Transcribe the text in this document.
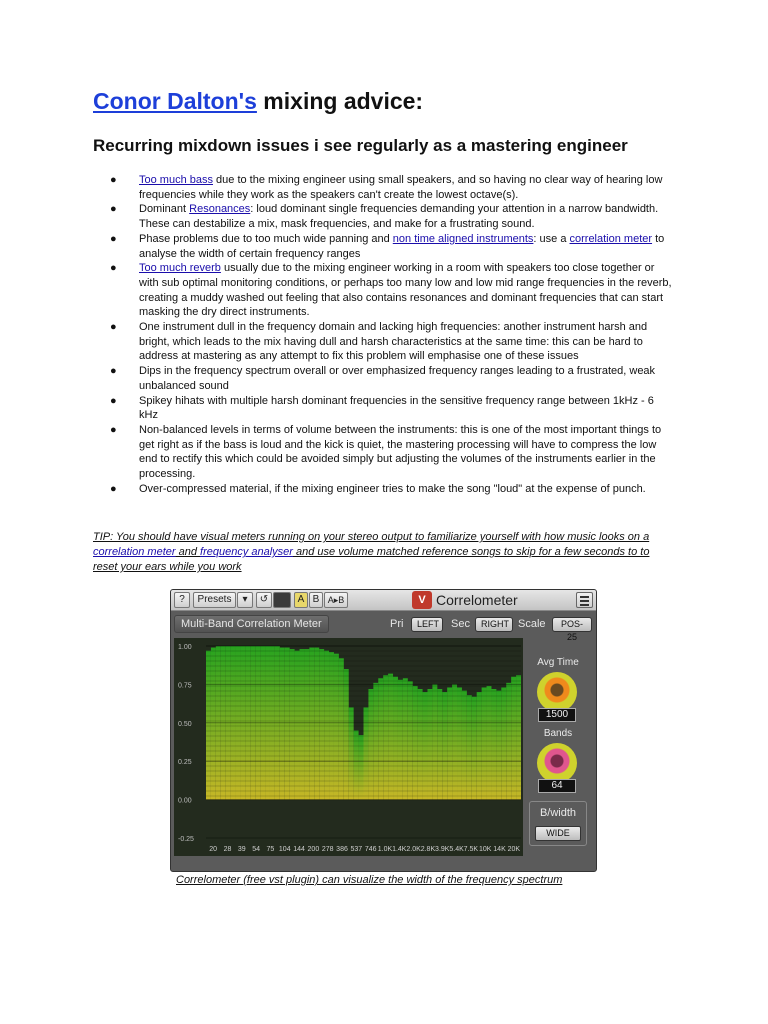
Conor Dalton's mixing advice:
Recurring mixdown issues i see regularly as a mastering engineer
● Too much bass due to the mixing engineer using small speakers, and so having no clear way of hearing low frequencies while they work as the speakers can't create the lowest octave(s).
● Dominant Resonances: loud dominant single frequencies demanding your attention in a narrow bandwidth. These can destabilize a mix, mask frequencies, and make for a frustrating sound.
● Phase problems due to too much wide panning and non time aligned instruments: use a correlation meter to analyse the width of certain frequency ranges
● Too much reverb usually due to the mixing engineer working in a room with speakers too close together or with sub optimal monitoring conditions, or perhaps too many low and low mid range frequencies in the reverb, creating a muddy washed out feeling that also contains resonances and dominant frequencies that can start masking the dry direct instruments.
● One instrument dull in the frequency domain and lacking high frequencies: another instrument harsh and bright, which leads to the mix having dull and harsh characteristics at the same time: this can be hard to address at mastering as any attempt to fix this problem will emphasise one of these issues
● Dips in the frequency spectrum overall or over emphasized frequency ranges leading to a frustrated, weak unbalanced sound
● Spikey hihats with multiple harsh dominant frequencies in the sensitive frequency range between 1kHz - 6 kHz
● Non-balanced levels in terms of volume between the instruments: this is one of the most important things to get right as if the bass is loud and the kick is quiet, the mastering processing will have to compress the low end to rectify this which could be avoided simply but adjusting the volumes of the instruments earlier in the processing.
● Over-compressed material, if the mixing engineer tries to make the song "loud" at the expense of punch.
TIP: You should have visual meters running on your stereo output to familiarize yourself with how music looks on a correlation meter and frequency analyser and use volume matched reference songs to skip for a few seconds to to reset your ears while you work
?	Presets	▾	↺	A B A▸B	V Correlometer
Multi-Band Correlation Meter	Pri	LEFT	Sec	RIGHT Scale	POS-25
1.00
0.75
0.50
0.25
0.00
-0.25
20 28 39 54 75 104 144 200 278 386 537 746 1.0K 1.4K 2.0K 2.8K 3.9K 5.4K 7.5K 10K 14K 20K
Avg Time
1500
Bands
64
B/width
WIDE
Correlometer (free vst plugin) can visualize the width of the frequency spectrum
